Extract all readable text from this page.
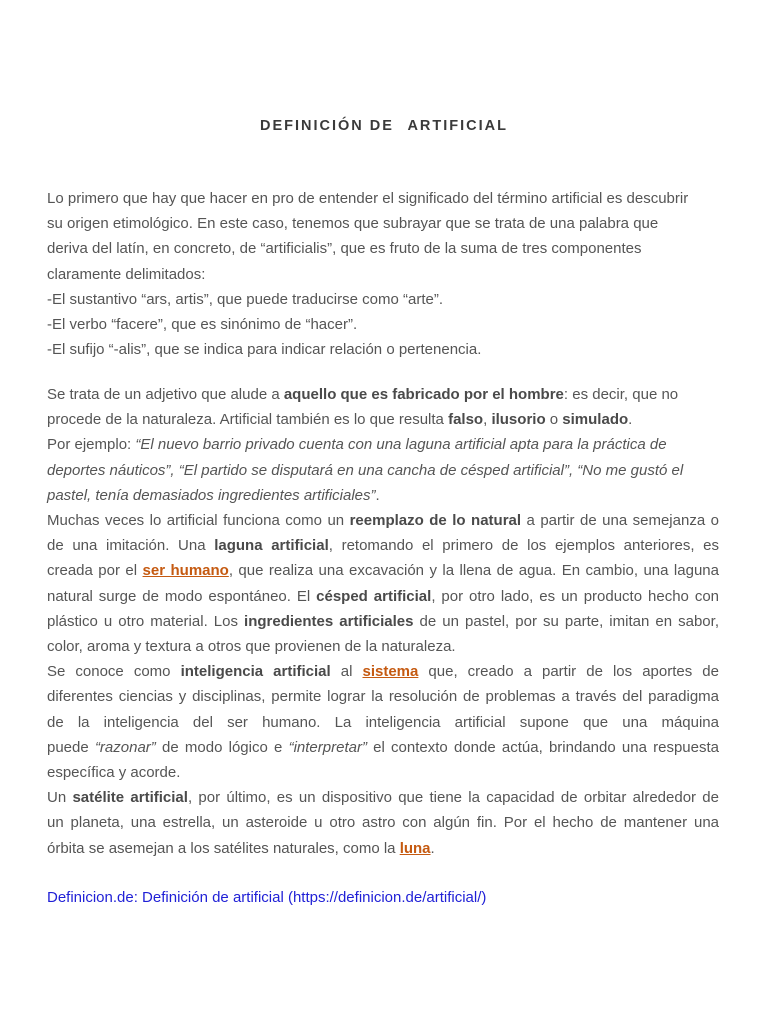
DEFINICIÓN DE ARTIFICIAL
Lo primero que hay que hacer en pro de entender el significado del término artificial es descubrir
su origen etimológico. En este caso, tenemos que subrayar que se trata de una palabra que
deriva del latín, en concreto, de “artificialis”, que es fruto de la suma de tres componentes
claramente delimitados:
-El sustantivo “ars, artis”, que puede traducirse como “arte”.
-El verbo “facere”, que es sinónimo de “hacer”.
-El sufijo “-alis”, que se indica para indicar relación o pertenencia.
Se trata de un adjetivo que alude a aquello que es fabricado por el hombre: es decir, que no
procede de la naturaleza. Artificial también es lo que resulta falso, ilusorio o simulado.
Por ejemplo: “El nuevo barrio privado cuenta con una laguna artificial apta para la práctica de
deportes náuticos”, “El partido se disputará en una cancha de césped artificial”, “No me gustó el
pastel, tenía demasiados ingredientes artificiales”.
Muchas veces lo artificial funciona como un reemplazo de lo natural a partir de una semejanza o
de una imitación. Una laguna artificial, retomando el primero de los ejemplos anteriores, es
creada por el ser humano, que realiza una excavación y la llena de agua. En cambio, una laguna
natural surge de modo espontáneo. El césped artificial, por otro lado, es un producto hecho con
plástico u otro material. Los ingredientes artificiales de un pastel, por su parte, imitan en sabor,
color, aroma y textura a otros que provienen de la naturaleza.
Se conoce como inteligencia artificial al sistema que, creado a partir de los aportes de
diferentes ciencias y disciplinas, permite lograr la resolución de problemas a través del paradigma
de la inteligencia del ser humano. La inteligencia artificial supone que una máquina
puede “razonar” de modo lógico e “interpretar” el contexto donde actúa, brindando una respuesta
específica y acorde.
Un satélite artificial, por último, es un dispositivo que tiene la capacidad de orbitar alrededor de
un planeta, una estrella, un asteroide u otro astro con algún fin. Por el hecho de mantener una
órbita se asemejan a los satélites naturales, como la luna.
Definicion.de: Definición de artificial (https://definicion.de/artificial/)
